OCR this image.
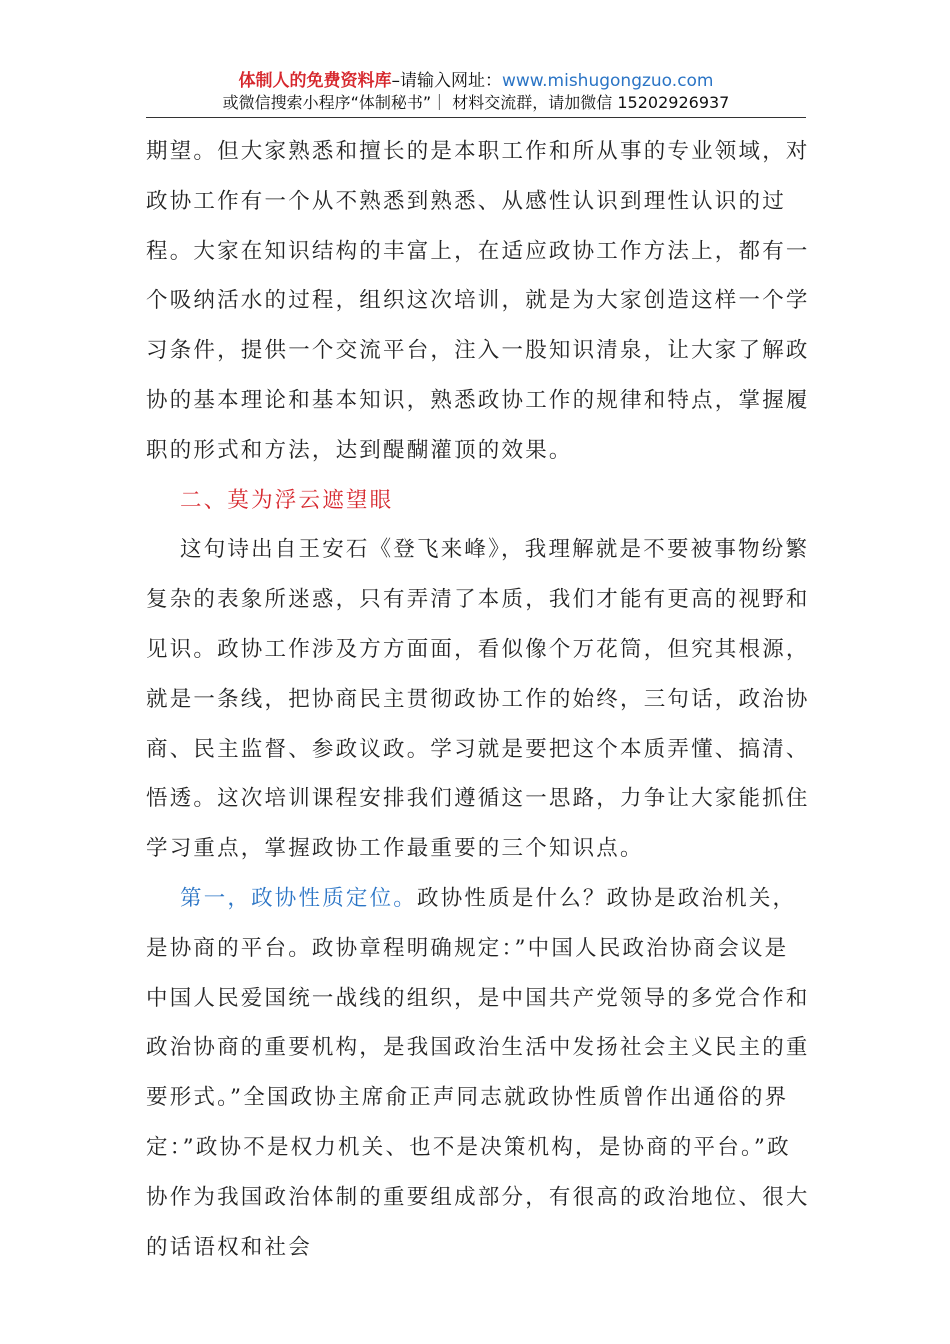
体制人的免费资料库–请输入网址：www.mishugongzuo.com
或微信搜索小程序“体制秘书”｜ 材料交流群，请加微信 15202926937

期望。但大家熟悉和擅长的是本职工作和所从事的专业领域，对政协工作有一个从不熟悉到熟悉、从感性认识到理性认识的过程。大家在知识结构的丰富上，在适应政协工作方法上，都有一个吸纳活水的过程，组织这次培训，就是为大家创造这样一个学习条件，提供一个交流平台，注入一股知识清泉，让大家了解政协的基本理论和基本知识，熟悉政协工作的规律和特点，掌握履职的形式和方法，达到醍醐灌顶的效果。

二、莫为浮云遮望眼

这句诗出自王安石《登飞来峰》，我理解就是不要被事物纷繁复杂的表象所迷惑，只有弄清了本质，我们才能有更高的视野和见识。政协工作涉及方方面面，看似像个万花筒，但究其根源，就是一条线，把协商民主贯彻政协工作的始终，三句话，政治协商、民主监督、参政议政。学习就是要把这个本质弄懂、搞清、悟透。这次培训课程安排我们遵循这一思路，力争让大家能抓住学习重点，掌握政协工作最重要的三个知识点。

第一，政协性质定位。政协性质是什么？政协是政治机关，是协商的平台。政协章程明确规定：”中国人民政治协商会议是中国人民爱国统一战线的组织，是中国共产党领导的多党合作和政治协商的重要机构，是我国政治生活中发扬社会主义民主的重要形式。”全国政协主席俞正声同志就政协性质曾作出通俗的界定：”政协不是权力机关、也不是决策机构，是协商的平台。”政协作为我国政治体制的重要组成部分，有很高的政治地位、很大的话语权和社会
